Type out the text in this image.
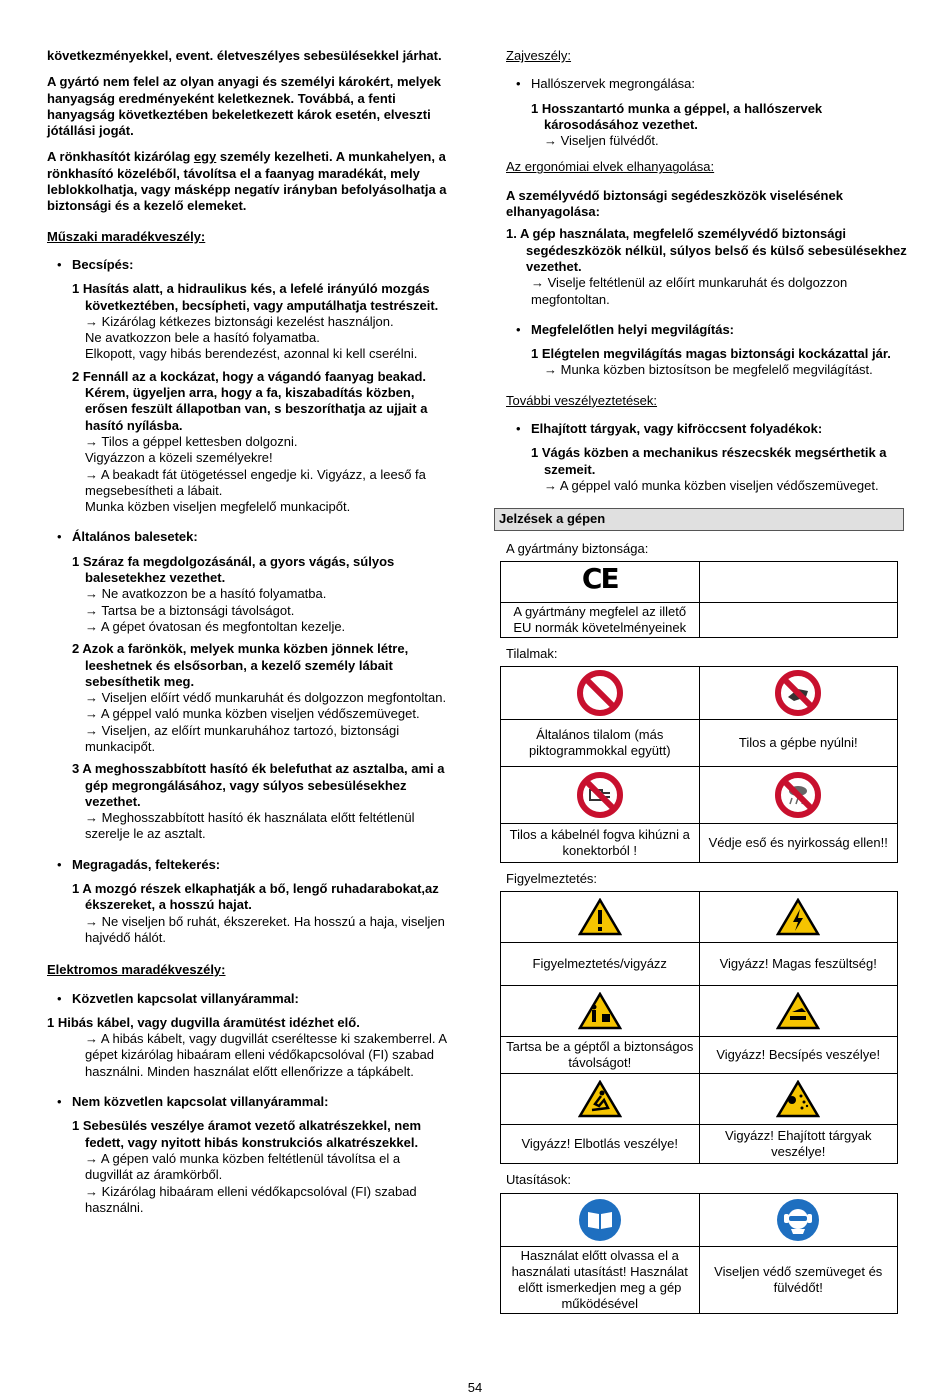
következményekkel, event. életveszélyes sebesülésekkel járhat.

A gyártó nem felel az olyan anyagi és személyi károkért, melyek hanyagság eredményeként keletkeznek. Továbbá, a fenti hanyagság következtében bekeletkezett károk esetén, elveszti jótállási jogát.

A rönkhasítót kizárólag egy személy kezelheti. A munkahelyen, a rönkhasító közeléből, távolítsa el a faanyag maradékát, mely leblokkolhatja, vagy másképp negatív irányban befolyásolhatja a biztonsági és a kezelő elemeket.

Műszaki maradékveszély:

• Becsípés:
1 Hasítás alatt, a hidraulikus kés, a lefelé irányúló mozgás következtében, becsípheti, vagy amputálhatja testrészeit.
→ Kizárólag kétkezes biztonsági kezelést használjon.
Ne avatkozzon bele a hasító folyamatba.
Elkopott, vagy hibás berendezést, azonnal ki kell cserélni.
2 Fennáll az a kockázat, hogy a vágandó faanyag beakad. Kérem, ügyeljen arra, hogy a fa, kiszabadítás közben, erősen feszült állapotban van, s beszoríthatja az ujjait a hasító nyílásba.
→ Tilos a géppel kettesben dolgozni.
Vigyázzon a közeli személyekre!
→ A beakadt fát ütögetéssel engedje ki. Vigyázz, a leeső fa megsebesítheti a lábait.
Munka közben viseljen megfelelő munkacipőt.
• Általános balesetek:
1 Száraz fa megdolgozásánál, a gyors vágás, súlyos balesetekhez vezethet.
→ Ne avatkozzon be a hasító folyamatba.
→ Tartsa be a biztonsági távolságot.
→ A gépet óvatosan és megfontoltan kezelje.
2 Azok a farönkök, melyek munka közben jönnek létre, leeshetnek és elsősorban, a kezelő személy lábait sebesíthetik meg.
→ Viseljen előírt védő munkaruhát és dolgozzon megfontoltan.
→ A géppel való munka közben viseljen védőszemüveget.
→ Viseljen, az előírt munkaruhához tartozó, biztonsági munkacipőt.
3 A meghosszabbított hasító ék belefuthat az asztalba, ami a gép megrongálásához, vagy súlyos sebesülésekhez vezethet.
→ Meghosszabbított hasító ék használata előtt feltétlenül szerelje le az asztalt.
• Megragadás, feltekerés:
1 A mozgó részek elkaphatják a bő, lengő ruhadarabokat,az ékszereket, a hosszú hajat.
→ Ne viseljen bő ruhát, ékszereket. Ha hosszú a haja, viseljen hajvédő hálót.

Elektromos maradékveszély:

• Közvetlen kapcsolat villanyárammal:
1 Hibás kábel, vagy dugvilla áramütést idézhet elő.
→ A hibás kábelt, vagy dugvillát cseréltesse ki szakemberrel. A gépet kizárólag hibaáram elleni védőkapcsolóval (FI) szabad használni. Minden használat előtt ellenőrizze a tápkábelt.
• Nem közvetlen kapcsolat villanyárammal:
1 Sebesülés veszélye áramot vezető alkatrészekkel, nem fedett, vagy nyitott hibás konstrukciós alkatrészekkel.
→ A gépen való munka közben feltétlenül távolítsa el a dugvillát az áramkörből.
→ Kizárólag hibaáram elleni védőkapcsolóval (FI) szabad használni.

Zajveszély:

• Hallószervek megrongálása:
1 Hosszantartó munka a géppel, a hallószervek károsodásához vezethet.
→ Viseljen fülvédőt.

Az ergonómiai elvek elhanyagolása:

A személyvédő biztonsági segédeszközök viselésének elhanyagolása:

1. A gép használata, megfelelő személyvédő biztonsági segédeszközök nélkül, súlyos belső és külső sebesülésekhez vezethet.
→ Viselje feltétlenül az előírt munkaruhát és dolgozzon megfontoltan.
• Megfelelőtlen helyi megvilágítás:
1 Elégtelen megvilágítás magas biztonsági kockázattal jár.
→ Munka közben biztosítson be megfelelő megvilágítást.

További veszélyeztetések:

• Elhajított tárgyak, vagy kifröccsent folyadékok:
1 Vágás közben a mechanikus részecskék megsérthetik a szemeit.
→ A géppel való munka közben viseljen védőszemüveget.
Jelzések a gépen

A gyártmány biztonsága:

CE	
A gyártmány megfelel az illető EU normák követelményeinek	

Tilalmak:

Általános tilalom (más piktogrammokkal együtt)	Tilos a gépbe nyúlni!

Tilos a kábelnél fogva kihúzni a konektorból !	Védje eső és nyirkosság ellen!!

Figyelmeztetés:

Figyelmeztetés/vigyázz	Vigyázz! Magas feszültség!

Tartsa be a géptől a biztonságos távolságot!	Vigyázz! Becsípés veszélye!

Vigyázz! Elbotlás veszélye!	Vigyázz! Ehajított tárgyak veszélye!

Utasítások:

Használat előtt olvassa el a használati utasítást! Használat előtt ismerkedjen meg a gép működésével	Viseljen védő szemüveget és fülvédőt!
54
